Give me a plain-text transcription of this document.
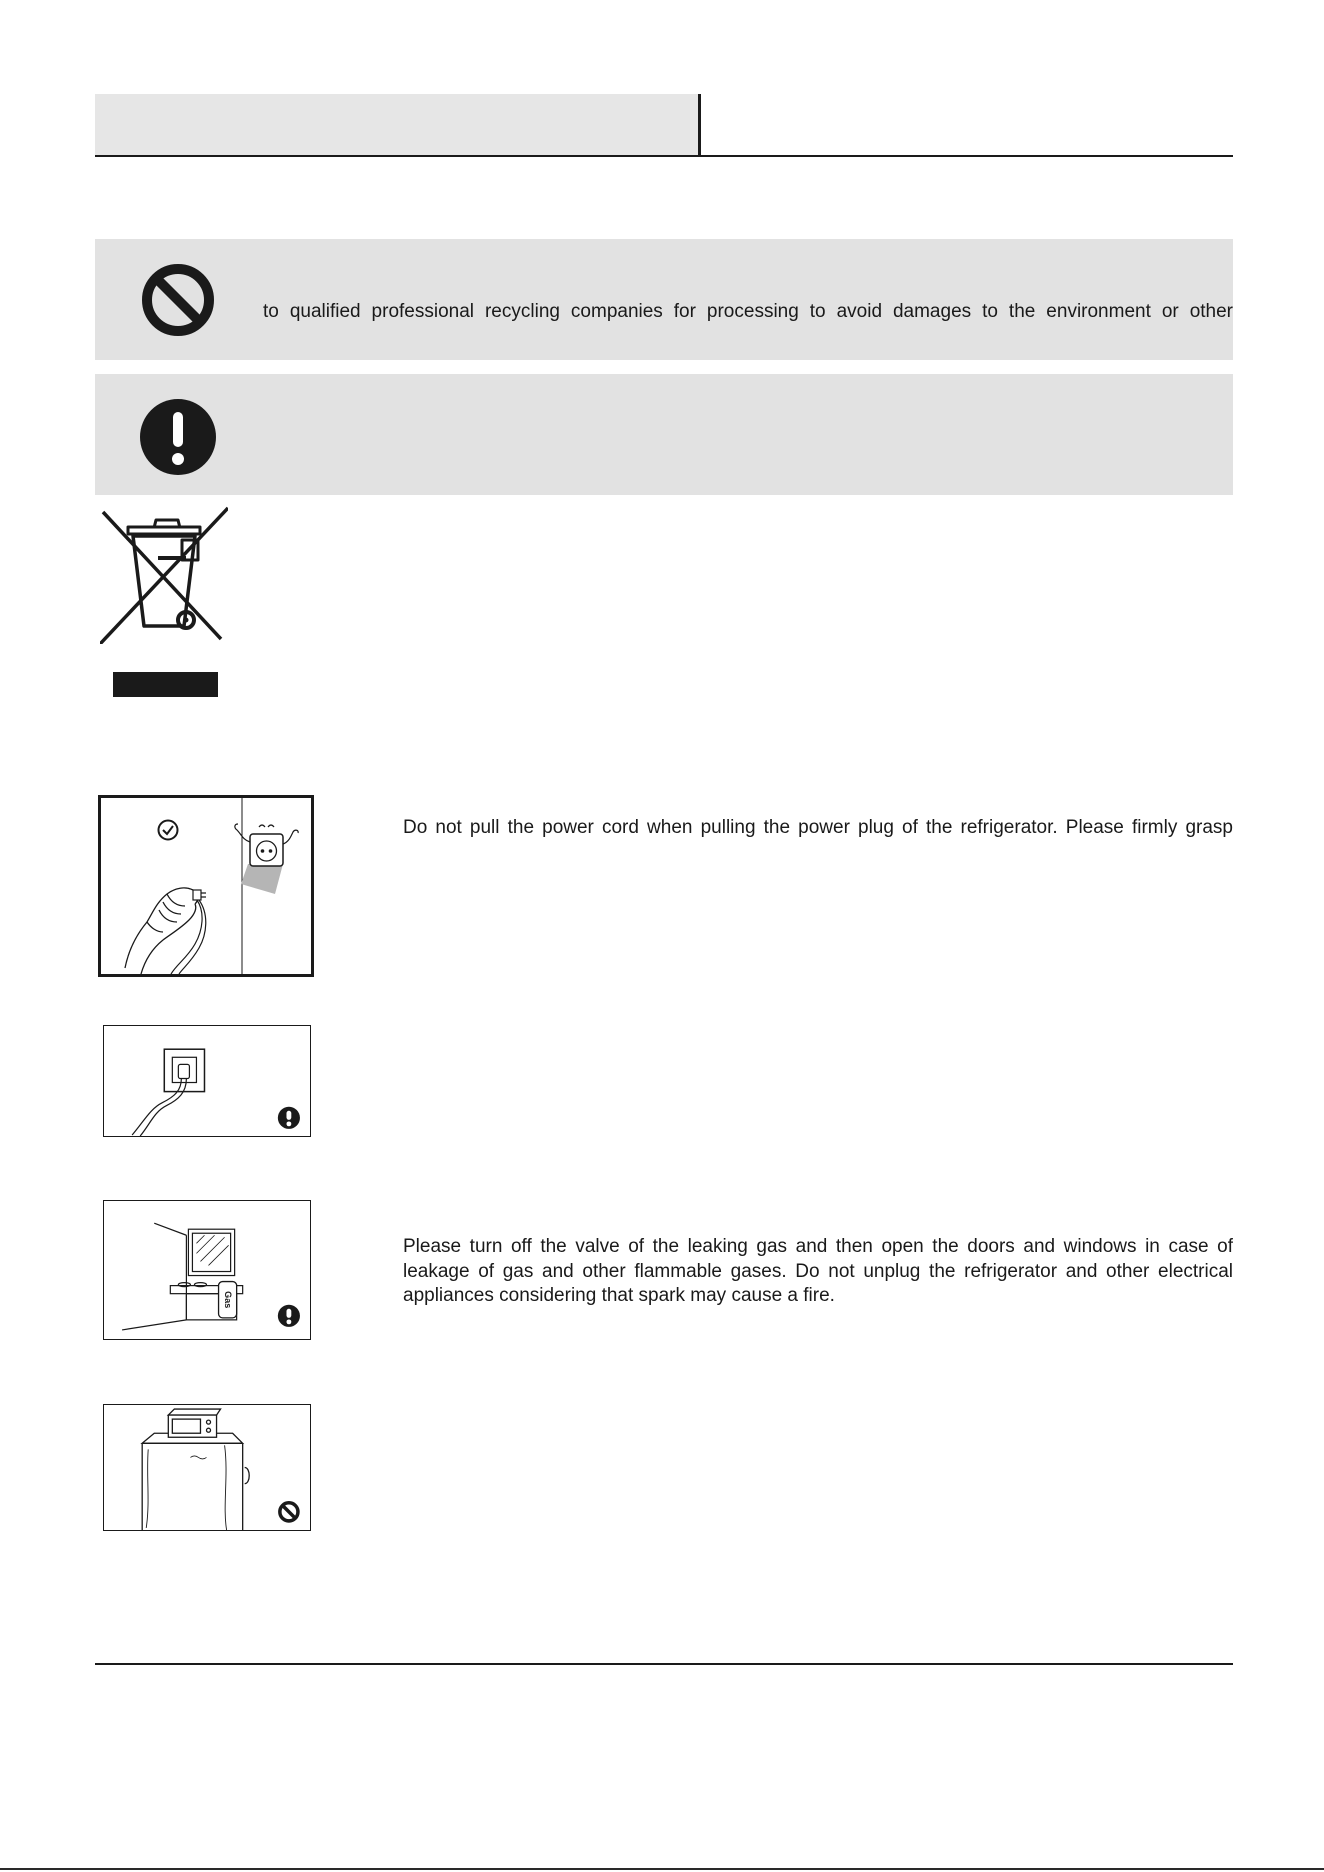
to qualified professional recycling companies for processing to avoid damages to the environment or other
Do not pull the power cord when pulling the power plug of the refrigerator. Please firmly grasp
Gas
Please turn off the valve of the leaking gas and then open the doors and windows in case of
leakage of gas and other flammable gases. Do not unplug the refrigerator and other electrical
appliances considering that spark may cause a fire.
